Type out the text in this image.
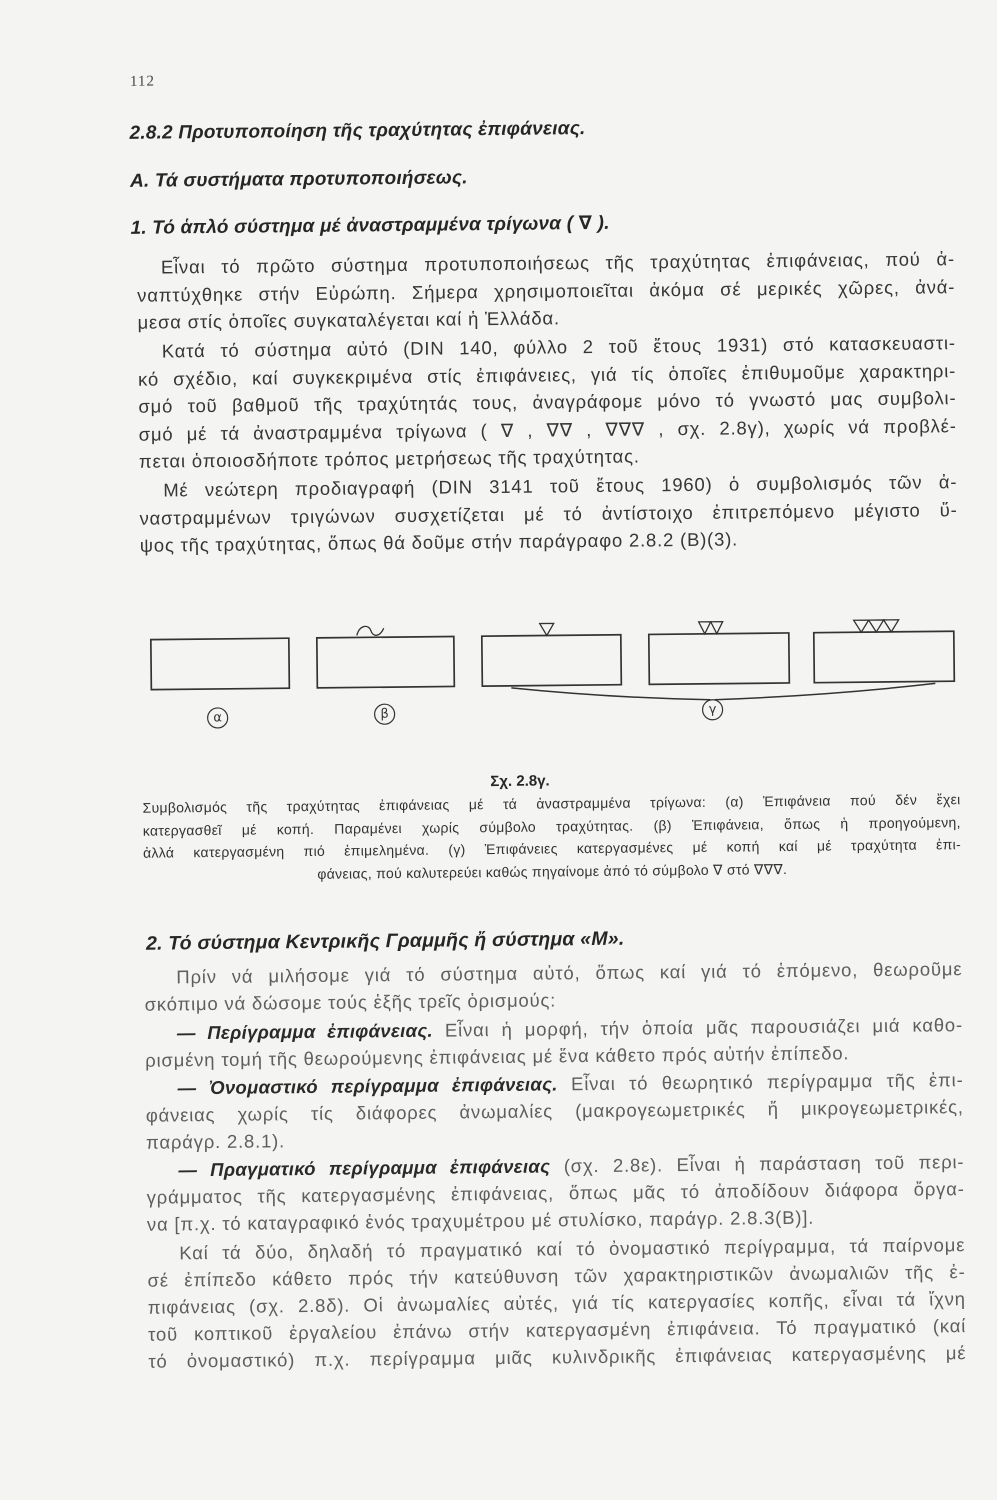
112
2.8.2 Προτυποποίηση τῆς τραχύτητας ἐπιφάνειας.
Α. Τά συστήματα προτυποποιήσεως.
1. Τό ἁπλό σύστημα μέ ἀναστραμμένα τρίγωνα ( ∇ ).
Εἶναι τό πρῶτο σύστημα προτυποποιήσεως τῆς τραχύτητας ἐπιφάνειας, πού ἀ-
ναπτύχθηκε στήν Εὐρώπη. Σήμερα χρησιμοποιεῖται ἀκόμα σέ μερικές χῶρες, ἀνά-
μεσα στίς ὁποῖες συγκαταλέγεται καί ἡ Ἑλλάδα.
Κατά τό σύστημα αὐτό (DIN 140, φύλλο 2 τοῦ ἔτους 1931) στό κατασκευαστι-
κό σχέδιο, καί συγκεκριμένα στίς ἐπιφάνειες, γιά τίς ὁποῖες ἐπιθυμοῦμε χαρακτηρι-
σμό τοῦ βαθμοῦ τῆς τραχύτητάς τους, ἀναγράφομε μόνο τό γνωστό μας συμβολι-
σμό μέ τά ἀναστραμμένα τρίγωνα ( ∇ , ∇∇ , ∇∇∇ , σχ. 2.8γ), χωρίς νά προβλέ-
πεται ὁποιοσδήποτε τρόπος μετρήσεως τῆς τραχύτητας.
Μέ νεώτερη προδιαγραφή (DIN 3141 τοῦ ἔτους 1960) ὁ συμβολισμός τῶν ἀ-
ναστραμμένων τριγώνων συσχετίζεται μέ τό ἀντίστοιχο ἐπιτρεπόμενο μέγιστο ὕ-
ψος τῆς τραχύτητας, ὅπως θά δοῦμε στήν παράγραφο 2.8.2 (Β)(3).
α	β	γ
Σχ. 2.8γ.
Συμβολισμός τῆς τραχύτητας ἐπιφάνειας μέ τά ἀναστραμμένα τρίγωνα: (α) Ἐπιφάνεια πού δέν ἔχει
κατεργασθεῖ μέ κοπή. Παραμένει χωρίς σύμβολο τραχύτητας. (β) Ἐπιφάνεια, ὅπως ἡ προηγούμενη,
ἀλλά κατεργασμένη πιό ἐπιμελημένα. (γ) Ἐπιφάνειες κατεργασμένες μέ κοπή καί μέ τραχύτητα ἐπι-
φάνειας, πού καλυτερεύει καθώς πηγαίνομε ἀπό τό σύμβολο ∇ στό ∇∇∇.
2. Τό σύστημα Κεντρικῆς Γραμμῆς ἤ σύστημα «Μ».
Πρίν νά μιλήσομε γιά τό σύστημα αὐτό, ὅπως καί γιά τό ἑπόμενο, θεωροῦμε
σκόπιμο νά δώσομε τούς ἑξῆς τρεῖς ὁρισμούς:
— Περίγραμμα ἐπιφάνειας. Εἶναι ἡ μορφή, τήν ὁποία μᾶς παρουσιάζει μιά καθο-
ρισμένη τομή τῆς θεωρούμενης ἐπιφάνειας μέ ἕνα κάθετο πρός αὐτήν ἐπίπεδο.
— Ὀνομαστικό περίγραμμα ἐπιφάνειας. Εἶναι τό θεωρητικό περίγραμμα τῆς ἐπι-
φάνειας χωρίς τίς διάφορες ἀνωμαλίες (μακρογεωμετρικές ἤ μικρογεωμετρικές,
παράγρ. 2.8.1).
— Πραγματικό περίγραμμα ἐπιφάνειας (σχ. 2.8ε). Εἶναι ἡ παράσταση τοῦ περι-
γράμματος τῆς κατεργασμένης ἐπιφάνειας, ὅπως μᾶς τό ἀποδίδουν διάφορα ὄργα-
να [π.χ. τό καταγραφικό ἑνός τραχυμέτρου μέ στυλίσκο, παράγρ. 2.8.3(Β)].
Καί τά δύο, δηλαδή τό πραγματικό καί τό ὀνομαστικό περίγραμμα, τά παίρνομε
σέ ἐπίπεδο κάθετο πρός τήν κατεύθυνση τῶν χαρακτηριστικῶν ἀνωμαλιῶν τῆς ἐ-
πιφάνειας (σχ. 2.8δ). Οἱ ἀνωμαλίες αὐτές, γιά τίς κατεργασίες κοπῆς, εἶναι τά ἴχνη
τοῦ κοπτικοῦ ἐργαλείου ἐπάνω στήν κατεργασμένη ἐπιφάνεια. Τό πραγματικό (καί
τό ὀνομαστικό) π.χ. περίγραμμα μιᾶς κυλινδρικῆς ἐπιφάνειας κατεργασμένης μέ
